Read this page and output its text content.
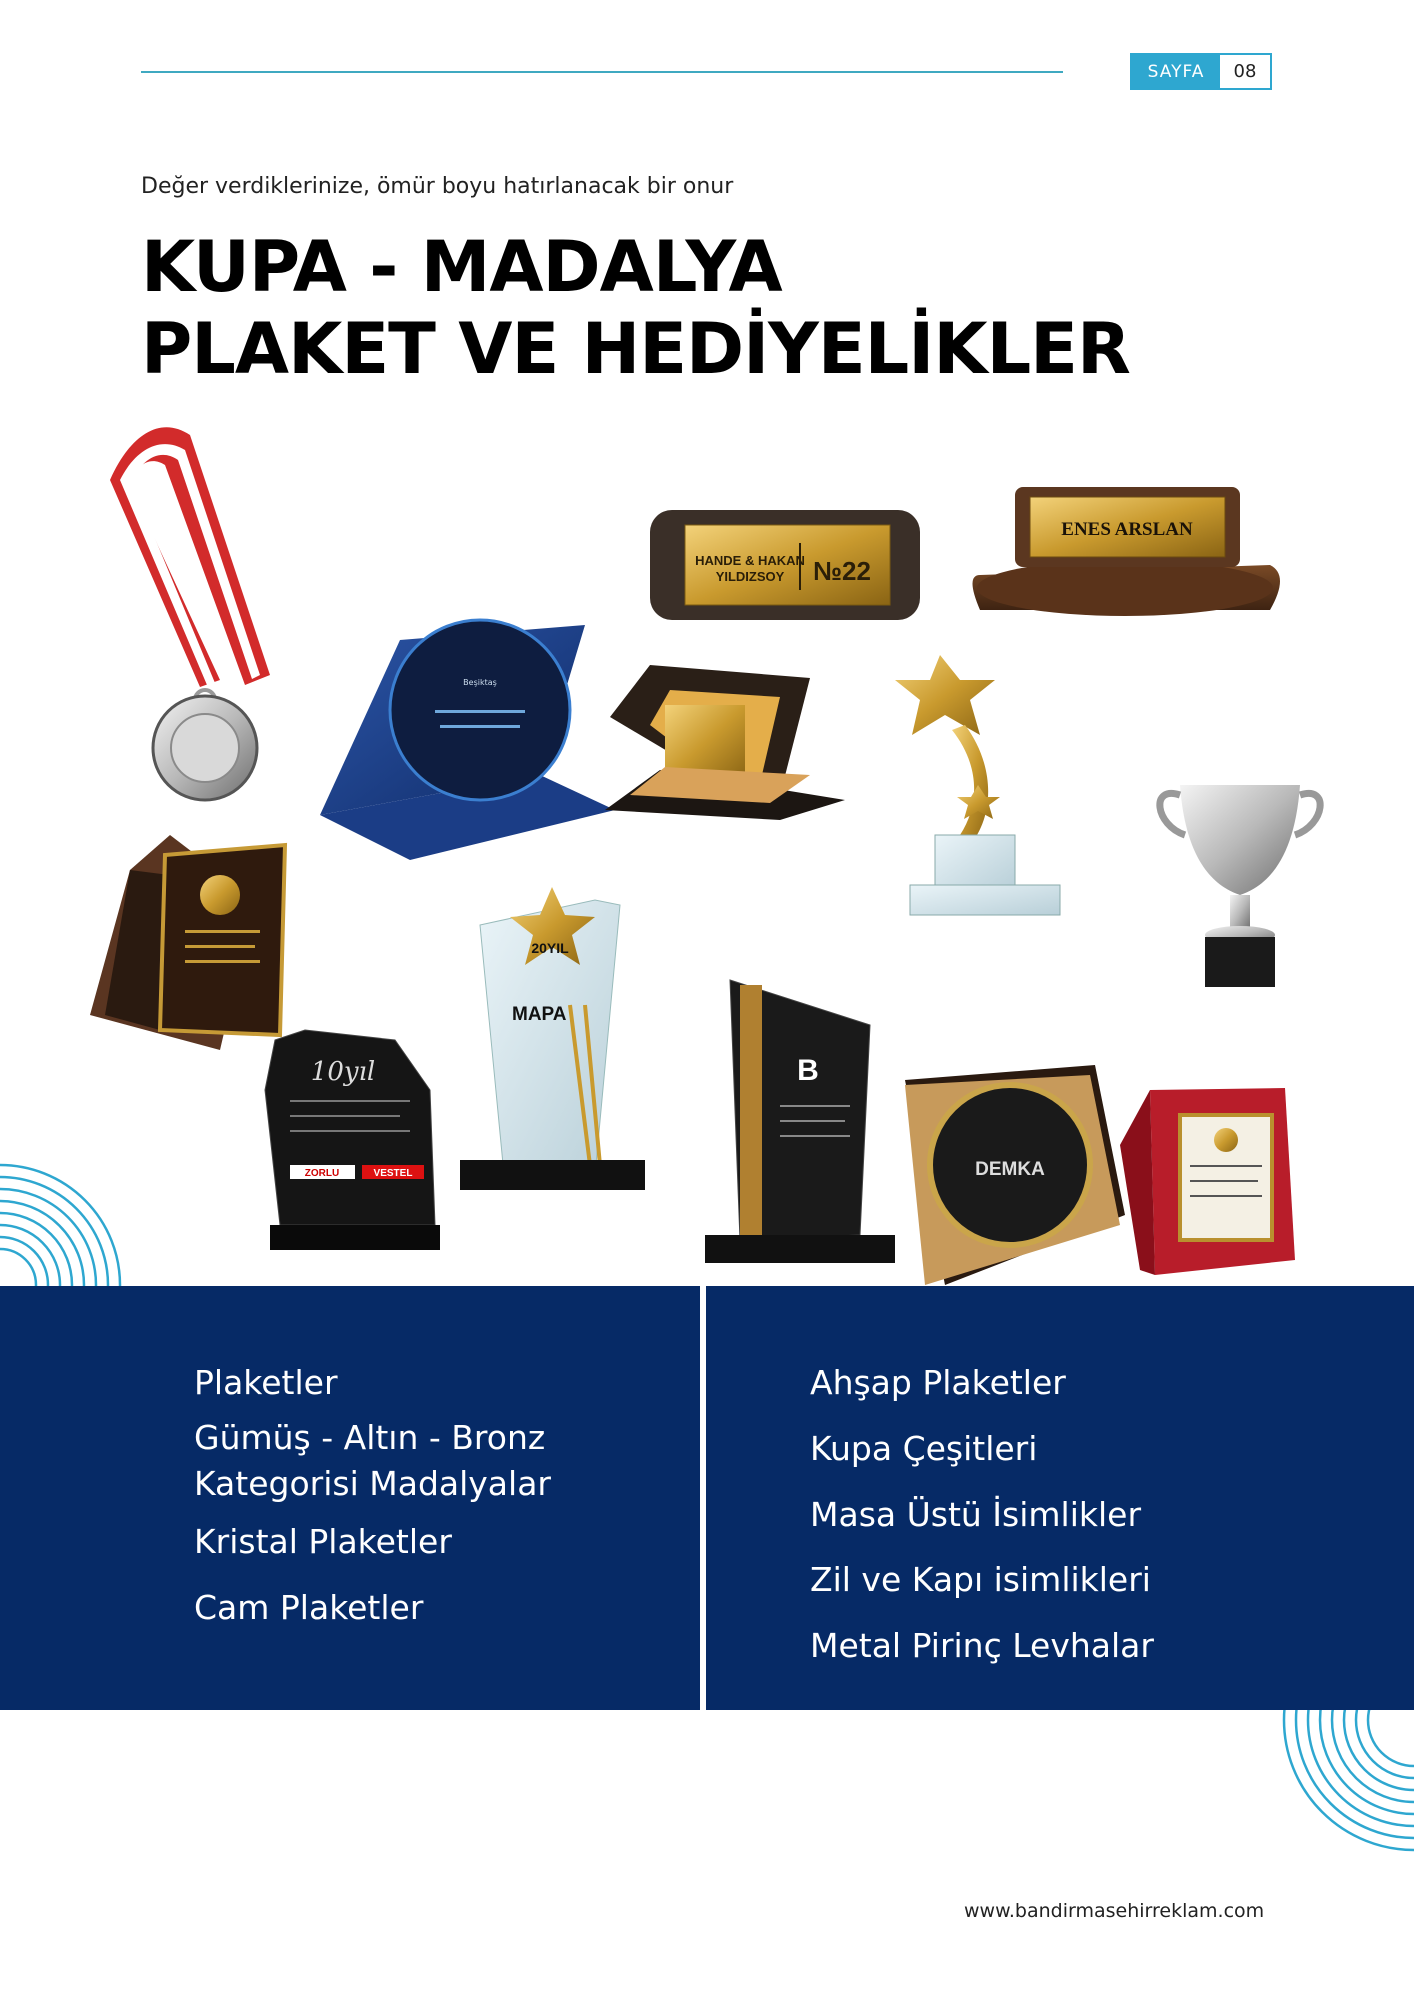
SAYFA	08
Değer verdiklerinize, ömür boyu hatırlanacak bir onur
KUPA - MADALYA
PLAKET VE HEDİYELİKLER
HANDE & HAKAN
YILDIZSOY №22
ENES ARSLAN
Beşiktaş
10yıl
ZORLU	VESTEL
20YIL
MAPA
B
DEMKA
Plaketler
Gümüş - Altın - Bronz
Kategorisi Madalyalar
Kristal Plaketler
Cam Plaketler
Ahşap Plaketler
Kupa Çeşitleri
Masa Üstü İsimlikler
Zil ve Kapı isimlikleri
Metal Pirinç Levhalar
www.bandirmasehirreklam.com
